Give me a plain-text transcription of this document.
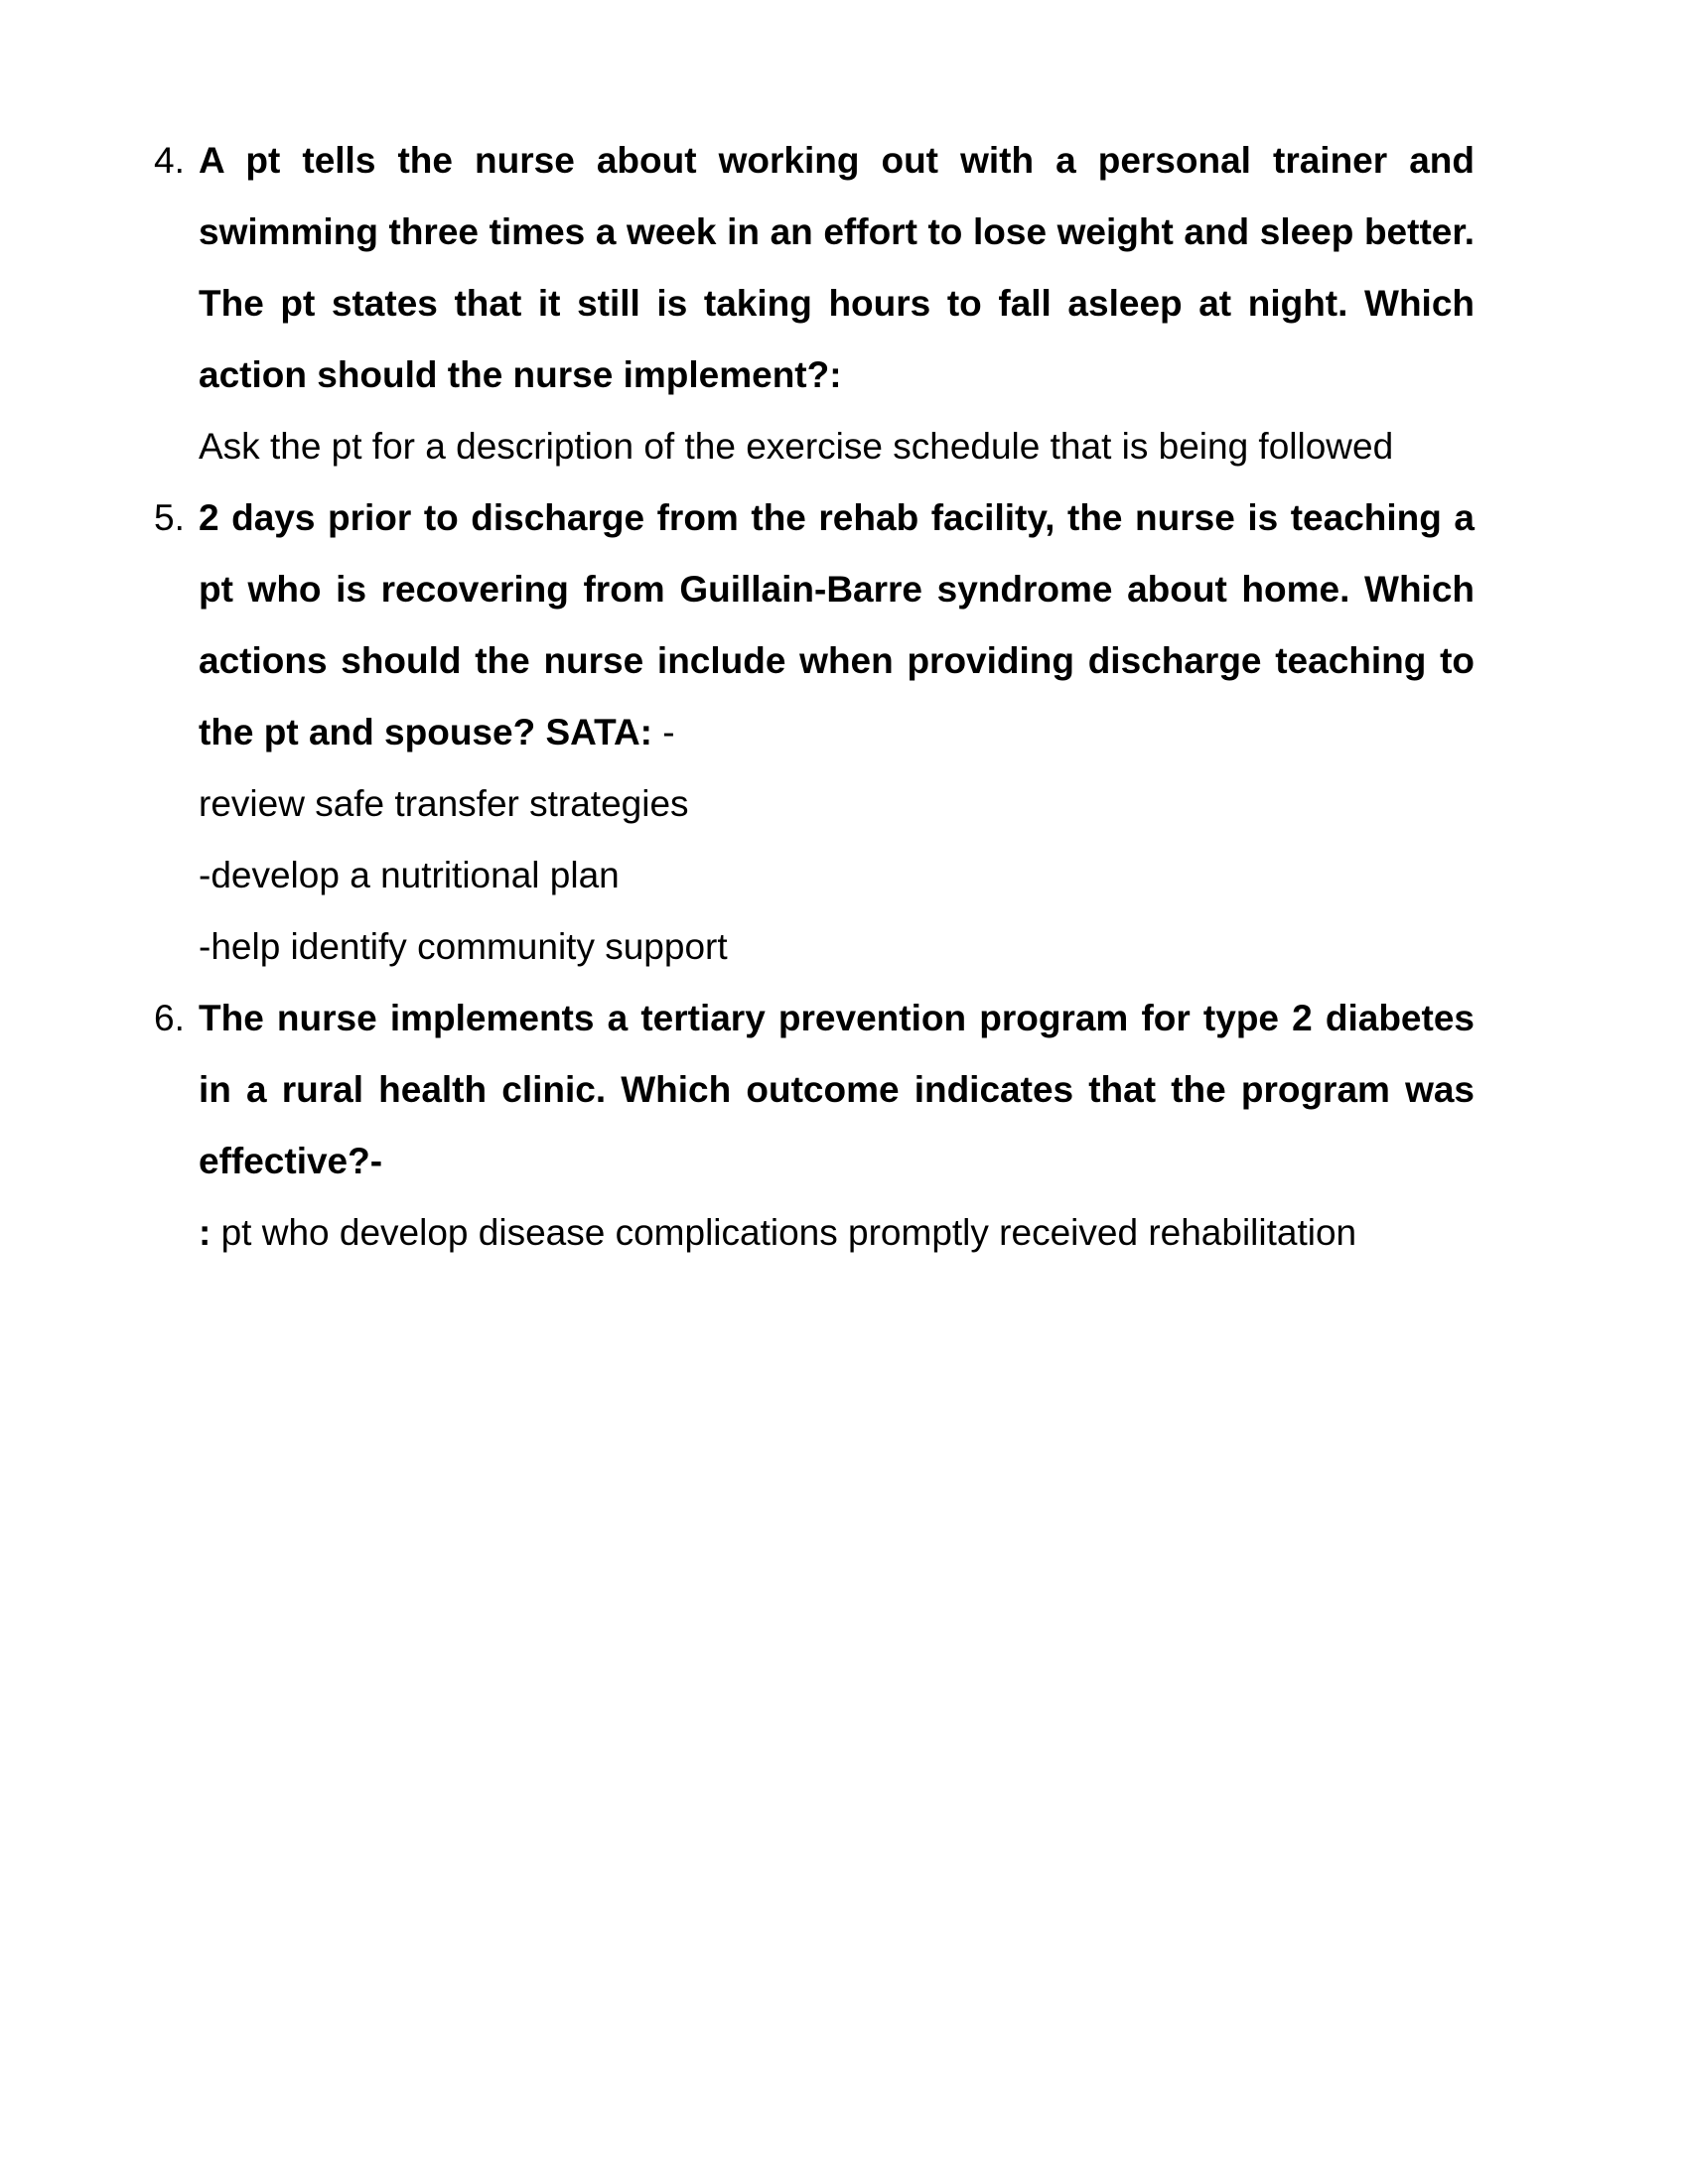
4. A pt tells the nurse about working out with a personal trainer and swimming three times a week in an effort to lose weight and sleep better. The pt states that it still is taking hours to fall asleep at night. Which action should the nurse implement?:

Ask the pt for a description of the exercise schedule that is being followed

5. 2 days prior to discharge from the rehab facility, the nurse is teaching a pt who is recovering from Guillain-Barre syndrome about home. Which actions should the nurse include when providing discharge teaching to the pt and spouse? SATA: -

review safe transfer strategies

-develop a nutritional plan

-help identify community support

6. The nurse implements a tertiary prevention program for type 2 diabetes in a rural health clinic. Which outcome indicates that the program was effective?-

: pt who develop disease complications promptly received rehabilitation
